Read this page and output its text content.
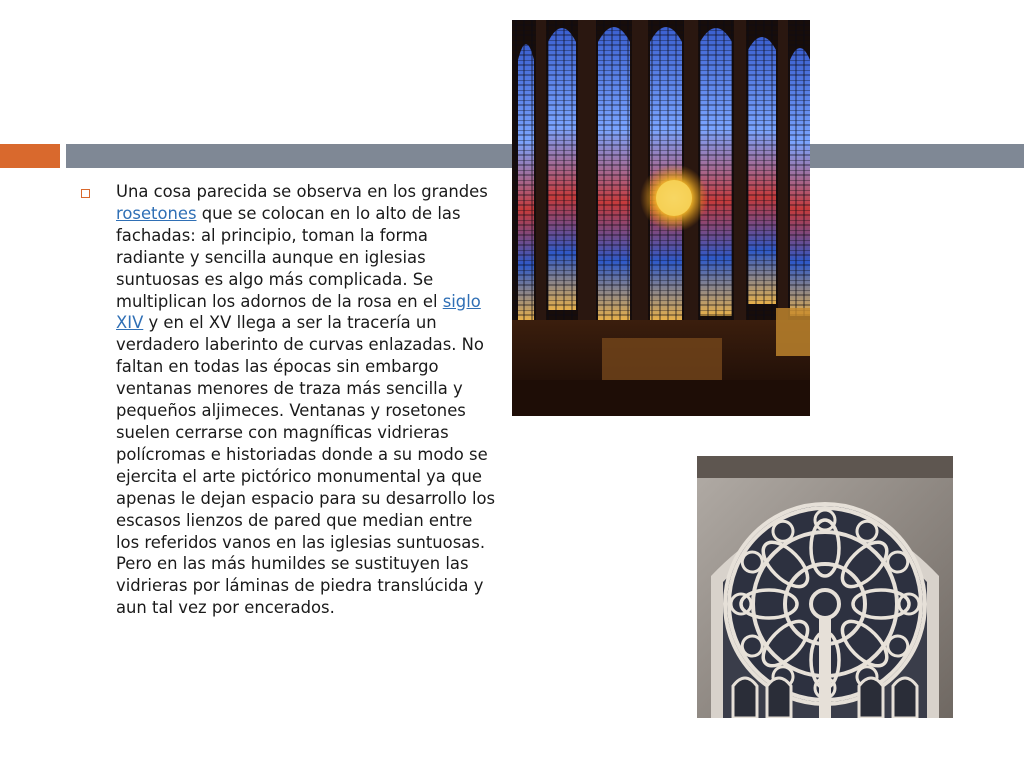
Una cosa parecida se observa en los grandes rosetones que se colocan en lo alto de las fachadas: al principio, toman la forma radiante y sencilla aunque en iglesias suntuosas es algo más complicada. Se multiplican los adornos de la rosa en el siglo XIV y en el XV llega a ser la tracería un verdadero laberinto de curvas enlazadas. No faltan en todas las épocas sin embargo ventanas menores de traza más sencilla y pequeños aljimeces. Ventanas y rosetones suelen cerrarse con magníficas vidrieras polícromas e historiadas donde a su modo se ejercita el arte pictórico monumental ya que apenas le dejan espacio para su desarrollo los escasos lienzos de pared que median entre los referidos vanos en las iglesias suntuosas. Pero en las más humildes se sustituyen las vidrieras por láminas de piedra translúcida y aun tal vez por encerados.
